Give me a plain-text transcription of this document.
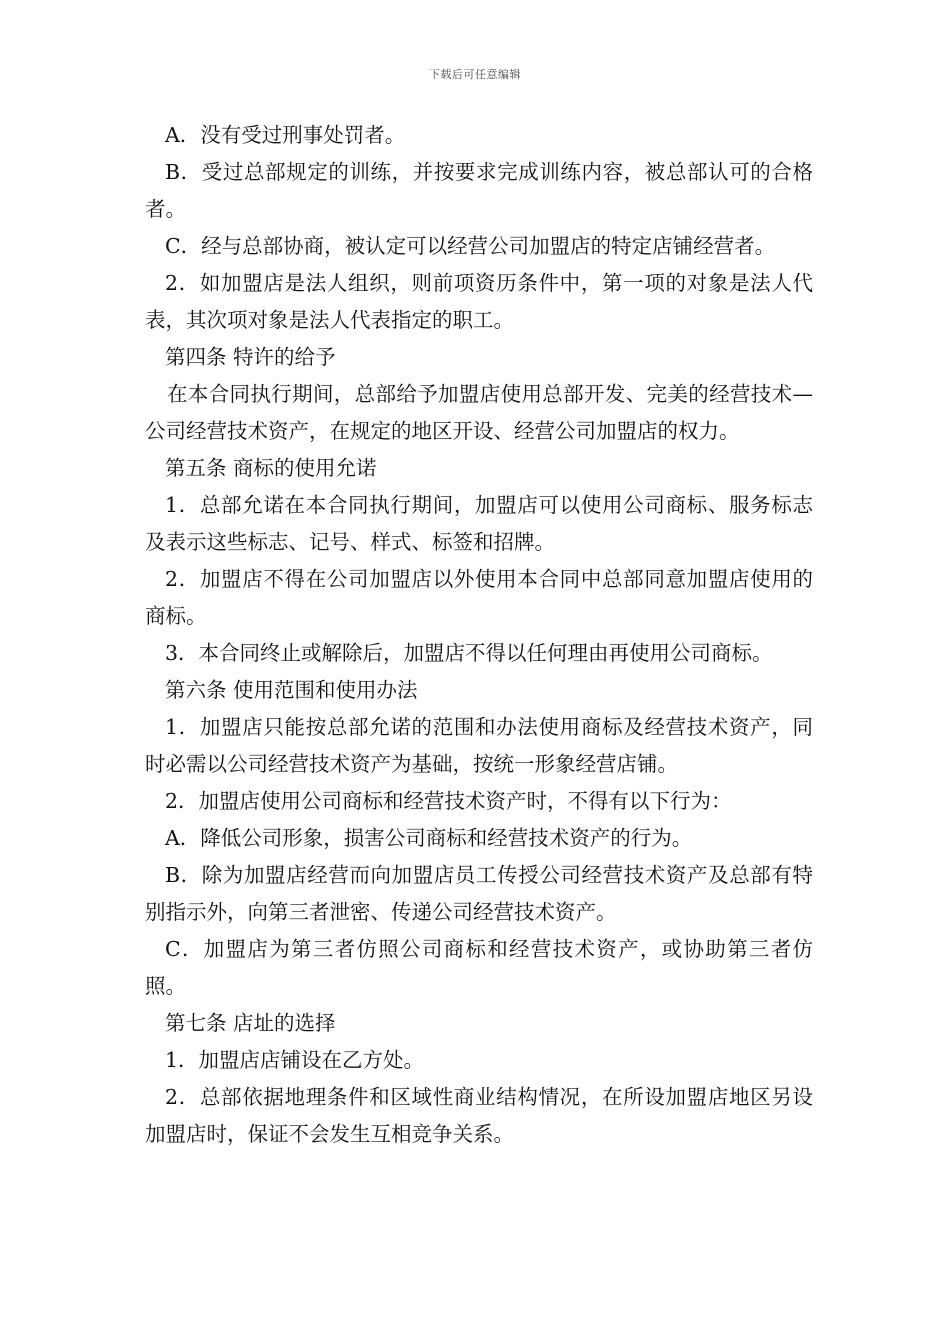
下载后可任意编辑

A．没有受过刑事处罚者。

B．受过总部规定的训练，并按要求完成训练内容，被总部认可的合格者。

C．经与总部协商，被认定可以经营公司加盟店的特定店铺经营者。

2．如加盟店是法人组织，则前项资历条件中，第一项的对象是法人代表，其次项对象是法人代表指定的职工。

第四条 特许的给予

在本合同执行期间，总部给予加盟店使用总部开发、完美的经营技术—公司经营技术资产，在规定的地区开设、经营公司加盟店的权力。

第五条 商标的使用允诺

1．总部允诺在本合同执行期间，加盟店可以使用公司商标、服务标志及表示这些标志、记号、样式、标签和招牌。

2．加盟店不得在公司加盟店以外使用本合同中总部同意加盟店使用的商标。

3．本合同终止或解除后，加盟店不得以任何理由再使用公司商标。

第六条 使用范围和使用办法

1．加盟店只能按总部允诺的范围和办法使用商标及经营技术资产，同时必需以公司经营技术资产为基础，按统一形象经营店铺。

2．加盟店使用公司商标和经营技术资产时，不得有以下行为：

A．降低公司形象，损害公司商标和经营技术资产的行为。

B．除为加盟店经营而向加盟店员工传授公司经营技术资产及总部有特别指示外，向第三者泄密、传递公司经营技术资产。

C．加盟店为第三者仿照公司商标和经营技术资产，或协助第三者仿照。

第七条 店址的选择

1．加盟店店铺设在乙方处。

2．总部依据地理条件和区域性商业结构情况，在所设加盟店地区另设加盟店时，保证不会发生互相竞争关系。
